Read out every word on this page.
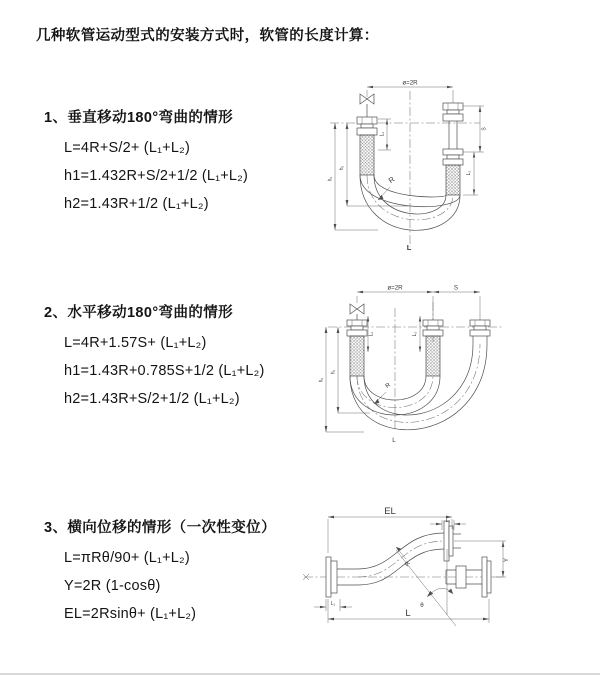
几种软管运动型式的安装方式时，软管的长度计算：
1、垂直移动180°弯曲的情形
L=4R+S/2+ (L₁+L₂)
h1=1.432R+S/2+1/2 (L₁+L₂)
h2=1.43R+1/2 (L₁+L₂)
2、水平移动180°弯曲的情形
L=4R+1.57S+ (L₁+L₂)
h1=1.43R+0.785S+1/2 (L₁+L₂)
h2=1.43R+S/2+1/2 (L₁+L₂)
3、横向位移的情形（一次性变位）
L=πRθ/90+ (L₁+L₂)
Y=2R (1-cosθ)
EL=2Rsinθ+ (L₁+L₂)
ø=2R
h₁
h₂
S
L₂
L₁
R
L
ø=2R	S
h₁
h₂
L₁	L₂
R
L
EL
L₂
θ
R
Y
L₁
L
